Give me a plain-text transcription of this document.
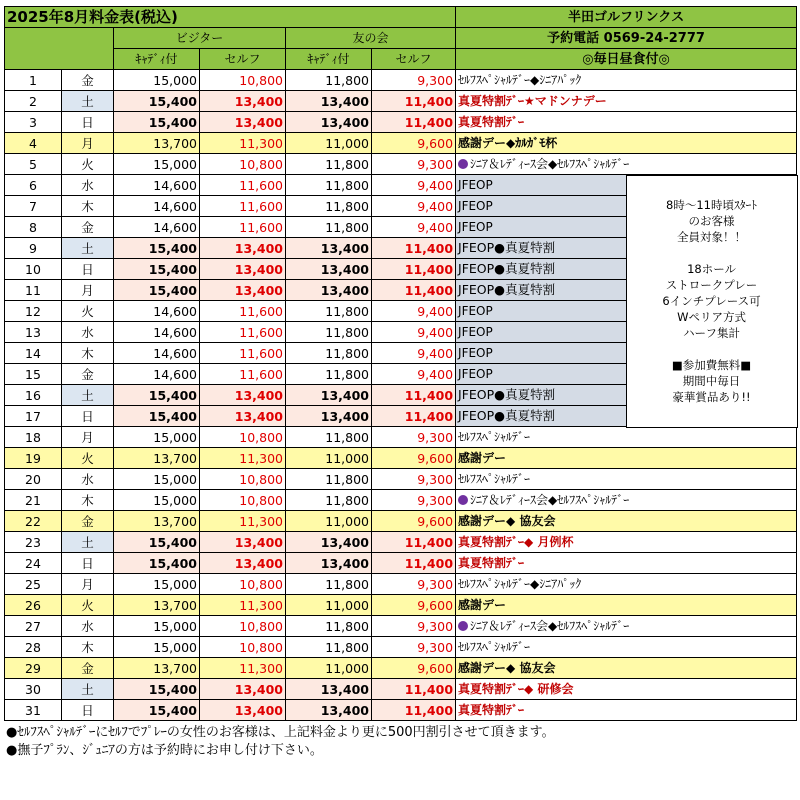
2025年8月料金表(税込)						半田ゴルフリンクス
		ビジター		友の会		予約電話 0569-24-2777
		ｷｬﾃﾞｨ付	セルフ	ｷｬﾃﾞｨ付	セルフ	◎毎日昼食付◎
1	金	15,000	10,800	11,800	9,300	ｾﾙﾌｽﾍﾟｼｬﾙﾃﾞｰ◆ｼﾆｱﾊﾟｯｸ
2	土	15,400	13,400	13,400	11,400	真夏特割ﾃﾞｰ★マドンナデー
3	日	15,400	13,400	13,400	11,400	真夏特割ﾃﾞｰ
4	月	13,700	11,300	11,000	9,600	感謝デー◆ｶﾙｶﾞﾓ杯
5	火	15,000	10,800	11,800	9,300	ｼﾆｱ＆ﾚﾃﾞｨｰｽ会◆ｾﾙﾌｽﾍﾟｼｬﾙﾃﾞｰ
6	水	14,600	11,600	11,800	9,400	JFEOP
7	木	14,600	11,600	11,800	9,400	JFEOP
8	金	14,600	11,600	11,800	9,400	JFEOP
9	土	15,400	13,400	13,400	11,400	JFEOP●真夏特割
10	日	15,400	13,400	13,400	11,400	JFEOP●真夏特割
11	月	15,400	13,400	13,400	11,400	JFEOP●真夏特割
12	火	14,600	11,600	11,800	9,400	JFEOP
13	水	14,600	11,600	11,800	9,400	JFEOP
14	木	14,600	11,600	11,800	9,400	JFEOP
15	金	14,600	11,600	11,800	9,400	JFEOP
16	土	15,400	13,400	13,400	11,400	JFEOP●真夏特割
17	日	15,400	13,400	13,400	11,400	JFEOP●真夏特割
18	月	15,000	10,800	11,800	9,300	ｾﾙﾌｽﾍﾟｼｬﾙﾃﾞｰ
19	火	13,700	11,300	11,000	9,600	感謝デー
20	水	15,000	10,800	11,800	9,300	ｾﾙﾌｽﾍﾟｼｬﾙﾃﾞｰ
21	木	15,000	10,800	11,800	9,300	ｼﾆｱ＆ﾚﾃﾞｨｰｽ会◆ｾﾙﾌｽﾍﾟｼｬﾙﾃﾞｰ
22	金	13,700	11,300	11,000	9,600	感謝デー◆ 協友会
23	土	15,400	13,400	13,400	11,400	真夏特割ﾃﾞｰ◆ 月例杯
24	日	15,400	13,400	13,400	11,400	真夏特割ﾃﾞｰ
25	月	15,000	10,800	11,800	9,300	ｾﾙﾌｽﾍﾟｼｬﾙﾃﾞｰ◆ｼﾆｱﾊﾟｯｸ
26	火	13,700	11,300	11,000	9,600	感謝デー
27	水	15,000	10,800	11,800	9,300	ｼﾆｱ＆ﾚﾃﾞｨｰｽ会◆ｾﾙﾌｽﾍﾟｼｬﾙﾃﾞｰ
28	木	15,000	10,800	11,800	9,300	ｾﾙﾌｽﾍﾟｼｬﾙﾃﾞｰ
29	金	13,700	11,300	11,000	9,600	感謝デー◆ 協友会
30	土	15,400	13,400	13,400	11,400	真夏特割ﾃﾞｰ◆ 研修会
31	日	15,400	13,400	13,400	11,400	真夏特割ﾃﾞｰ
●ｾﾙﾌｽﾍﾟｼｬﾙﾃﾞｰにｾﾙﾌでﾌﾟﾚｰの女性のお客様は、上記料金より更に500円割引させて頂きます。
●撫子ﾌﾟﾗﾝ、ｼﾞｭﾆｱの方は予約時にお申し付け下さい。
8時～11時頃ｽﾀｰﾄ
のお客様
全員対象！！
18ホール
ストロークプレー
6インチプレース可
Wペリア方式
ハーフ集計
■参加費無料■
期間中毎日
豪華賞品あり!!
